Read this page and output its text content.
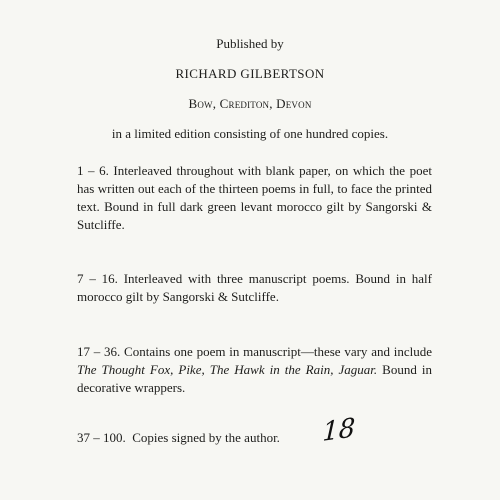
Published by

RICHARD GILBERTSON

Bow, Crediton, Devon

in a limited edition consisting of one hundred copies.

1 – 6. Interleaved throughout with blank paper, on which the poet has written out each of the thirteen poems in full, to face the printed text. Bound in full dark green levant morocco gilt by Sangorski & Sutcliffe.

7 – 16. Interleaved with three manuscript poems. Bound in half morocco gilt by Sangorski & Sutcliffe.

17 – 36. Contains one poem in manuscript—these vary and include The Thought Fox, Pike, The Hawk in the Rain, Jaguar. Bound in decorative wrappers.

37 – 100.  Copies signed by the author.	18
